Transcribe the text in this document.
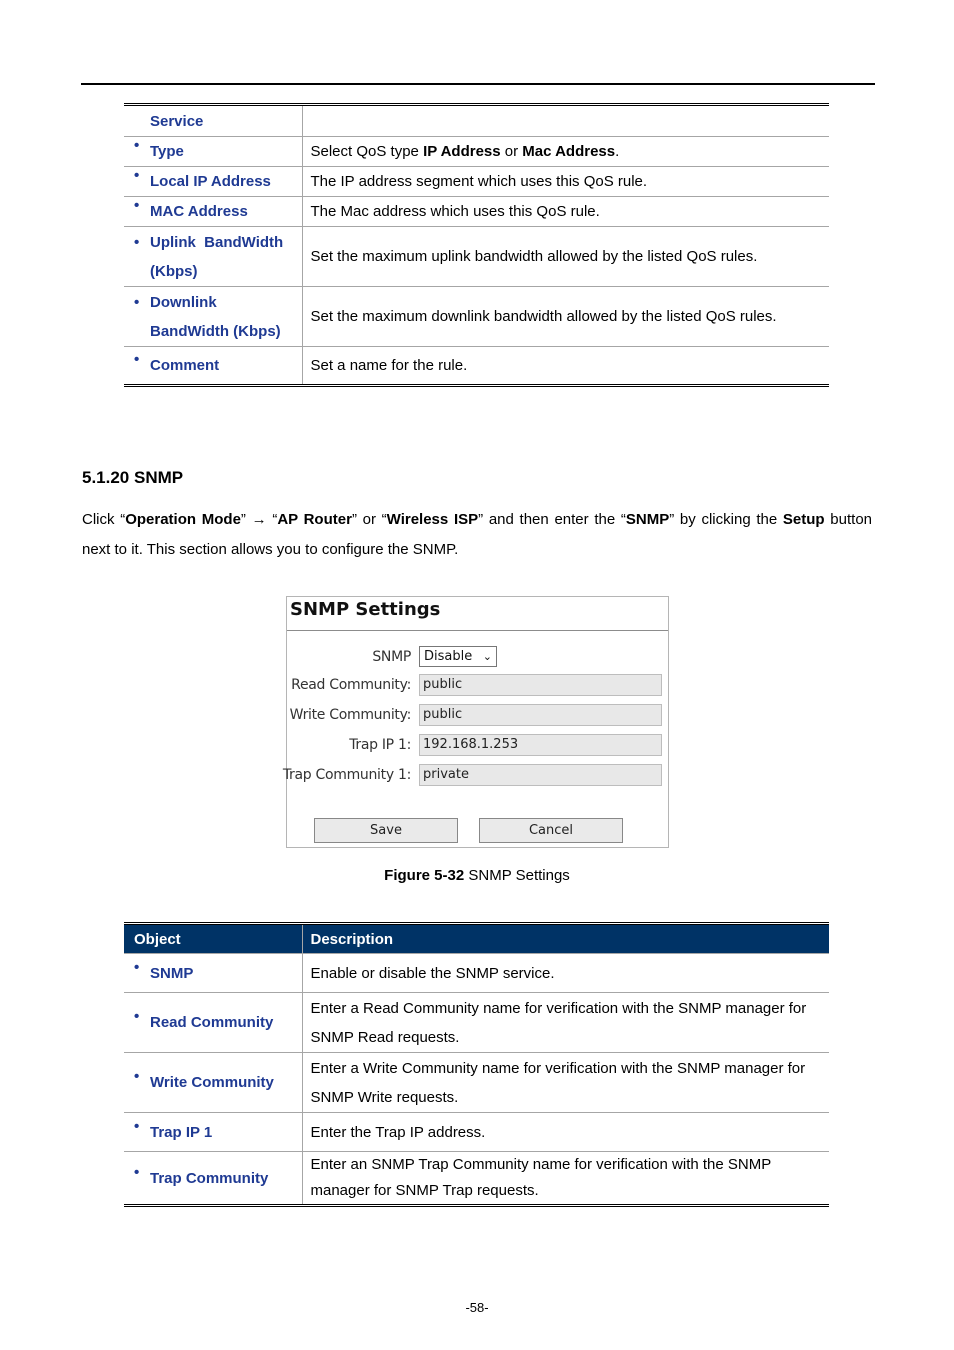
Service	
• Type	Select QoS type IP Address or Mac Address.
• Local IP Address	The IP address segment which uses this QoS rule.
• MAC Address	The Mac address which uses this QoS rule.
• Uplink  BandWidth
(Kbps)	Set the maximum uplink bandwidth allowed by the listed QoS rules.
• Downlink
BandWidth (Kbps)	Set the maximum downlink bandwidth allowed by the listed QoS rules.
• Comment	Set a name for the rule.
5.1.20 SNMP
Click “Operation Mode” → “AP Router” or “Wireless ISP” and then enter the “SNMP” by clicking the Setup button next to it. This section allows you to configure the SNMP.
SNMP Settings
SNMP	Disable ⌄
Read Community: public
Write Community: public
Trap IP 1: 192.168.1.253
Trap Community 1: private
Save	Cancel
Figure 5-32 SNMP Settings
Object	Description
• SNMP	Enable or disable the SNMP service.
• Read Community	Enter a Read Community name for verification with the SNMP manager for SNMP Read requests.
• Write Community	Enter a Write Community name for verification with the SNMP manager for SNMP Write requests.
• Trap IP 1	Enter the Trap IP address.
• Trap Community	Enter an SNMP Trap Community name for verification with the SNMP manager for SNMP Trap requests.
-58-
